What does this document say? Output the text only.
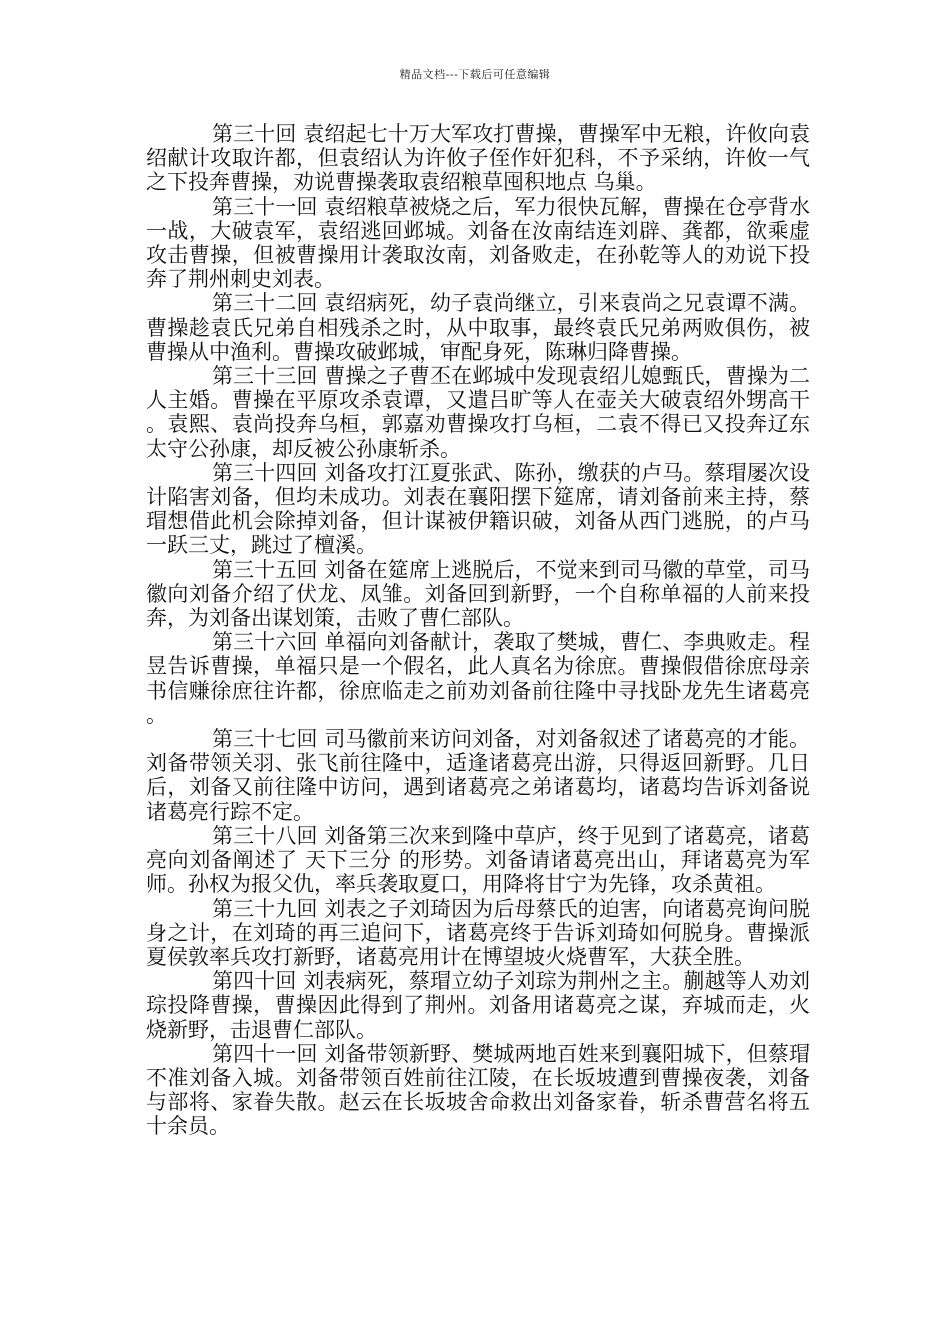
精品文档---下载后可任意编辑

第三十回 袁绍起七十万大军攻打曹操，曹操军中无粮，许攸向袁绍献计攻取许都，但袁绍认为许攸子侄作奸犯科，不予采纳，许攸一气之下投奔曹操，劝说曹操袭取袁绍粮草囤积地点 乌巢。

第三十一回 袁绍粮草被烧之后，军力很快瓦解，曹操在仓亭背水一战，大破袁军，袁绍逃回邺城。刘备在汝南结连刘辟、龚都，欲乘虚攻击曹操，但被曹操用计袭取汝南，刘备败走，在孙乾等人的劝说下投奔了荆州刺史刘表。

第三十二回 袁绍病死，幼子袁尚继立，引来袁尚之兄袁谭不满。曹操趁袁氏兄弟自相残杀之时，从中取事，最终袁氏兄弟两败俱伤，被曹操从中渔利。曹操攻破邺城，审配身死，陈琳归降曹操。

第三十三回 曹操之子曹丕在邺城中发现袁绍儿媳甄氏，曹操为二人主婚。曹操在平原攻杀袁谭，又遣吕旷等人在壶关大破袁绍外甥高干。袁熙、袁尚投奔乌桓，郭嘉劝曹操攻打乌桓，二袁不得已又投奔辽东太守公孙康，却反被公孙康斩杀。

第三十四回 刘备攻打江夏张武、陈孙，缴获的卢马。蔡瑁屡次设计陷害刘备，但均未成功。刘表在襄阳摆下筵席，请刘备前来主持，蔡瑁想借此机会除掉刘备，但计谋被伊籍识破，刘备从西门逃脱，的卢马一跃三丈，跳过了檀溪。

第三十五回 刘备在筵席上逃脱后，不觉来到司马徽的草堂，司马徽向刘备介绍了伏龙、凤雏。刘备回到新野，一个自称单福的人前来投奔，为刘备出谋划策，击败了曹仁部队。

第三十六回 单福向刘备献计，袭取了樊城，曹仁、李典败走。程昱告诉曹操，单福只是一个假名，此人真名为徐庶。曹操假借徐庶母亲书信赚徐庶往许都，徐庶临走之前劝刘备前往隆中寻找卧龙先生诸葛亮。

第三十七回 司马徽前来访问刘备，对刘备叙述了诸葛亮的才能。刘备带领关羽、张飞前往隆中，适逢诸葛亮出游，只得返回新野。几日后，刘备又前往隆中访问，遇到诸葛亮之弟诸葛均，诸葛均告诉刘备说诸葛亮行踪不定。

第三十八回 刘备第三次来到隆中草庐，终于见到了诸葛亮，诸葛亮向刘备阐述了 天下三分 的形势。刘备请诸葛亮出山，拜诸葛亮为军师。孙权为报父仇，率兵袭取夏口，用降将甘宁为先锋，攻杀黄祖。

第三十九回 刘表之子刘琦因为后母蔡氏的迫害，向诸葛亮询问脱身之计，在刘琦的再三追问下，诸葛亮终于告诉刘琦如何脱身。曹操派夏侯敦率兵攻打新野，诸葛亮用计在博望坡火烧曹军，大获全胜。

第四十回 刘表病死，蔡瑁立幼子刘琮为荆州之主。蒯越等人劝刘琮投降曹操，曹操因此得到了荆州。刘备用诸葛亮之谋，弃城而走，火烧新野，击退曹仁部队。

第四十一回 刘备带领新野、樊城两地百姓来到襄阳城下，但蔡瑁不准刘备入城。刘备带领百姓前往江陵，在长坂坡遭到曹操夜袭，刘备与部将、家眷失散。赵云在长坂坡舍命救出刘备家眷，斩杀曹营名将五十余员。
